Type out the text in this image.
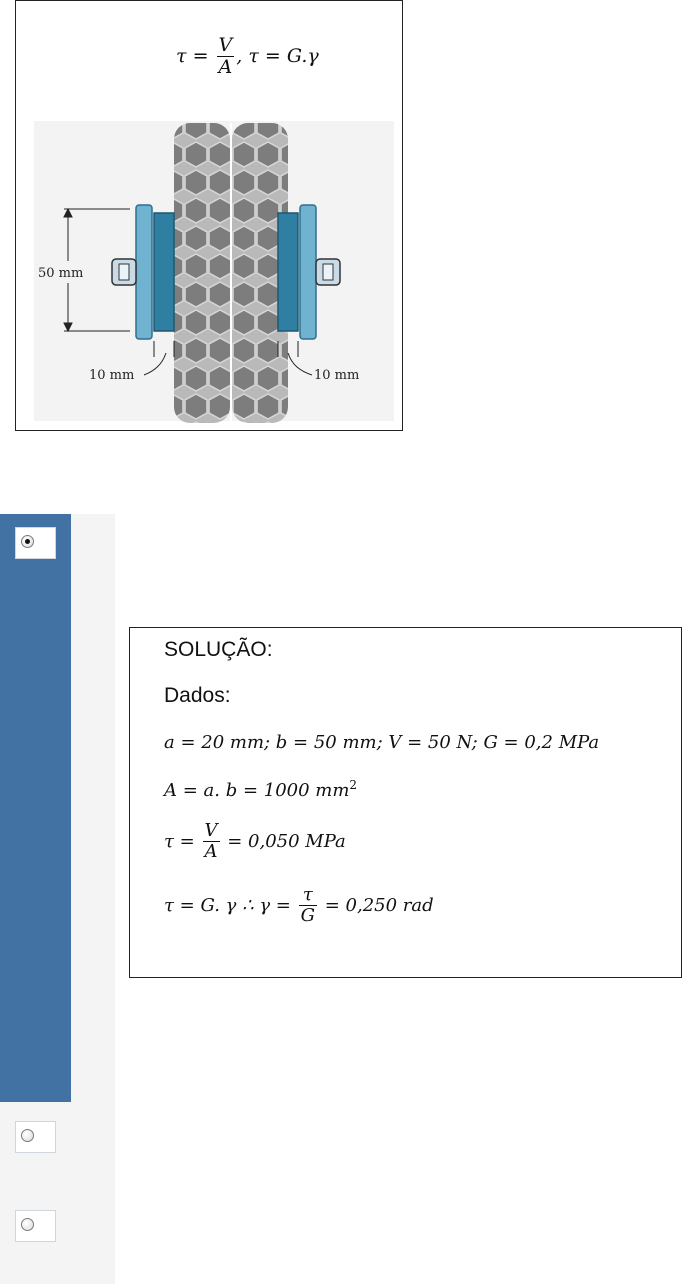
$\tau = \frac{V}{A}$ , τ = G.γ
50 mm
10 mm	10 mm
SOLUÇÃO:
Dados:
a = 20 mm; b = 50 mm; V = 50 N; G = 0,2 MPa
A = a. b = 1000 $mm^2$
$\tau = \frac{V}{A} = 0,050$ MPa
τ = G. γ ∴ $\gamma = \frac{\tau}{G} = 0,250$ rad
